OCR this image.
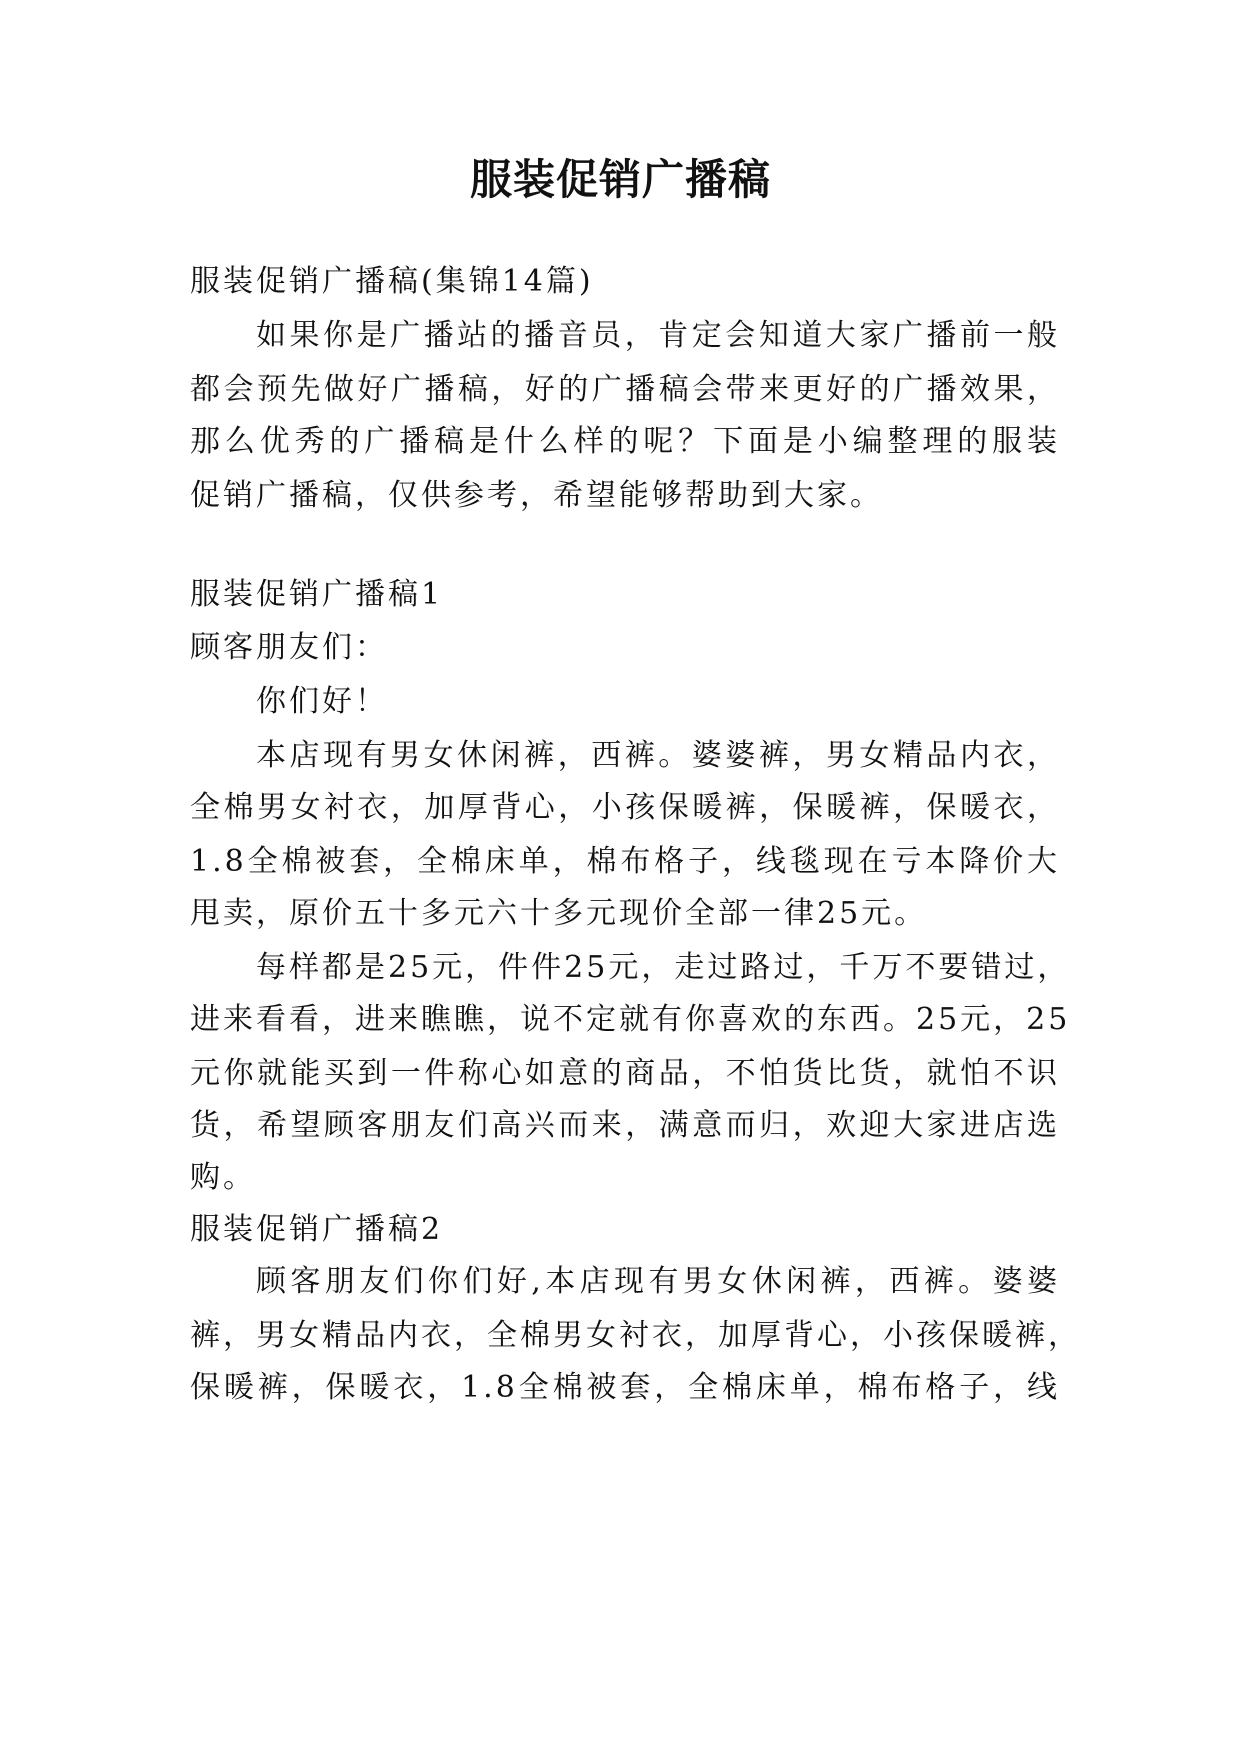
服装促销广播稿
服装促销广播稿(集锦14篇)
如果你是广播站的播音员，肯定会知道大家广播前一般
都会预先做好广播稿，好的广播稿会带来更好的广播效果，
那么优秀的广播稿是什么样的呢？下面是小编整理的服装
促销广播稿，仅供参考，希望能够帮助到大家。
服装促销广播稿1
顾客朋友们：
你们好！
本店现有男女休闲裤，西裤。婆婆裤，男女精品内衣，
全棉男女衬衣，加厚背心，小孩保暖裤，保暖裤，保暖衣，
1.8全棉被套，全棉床单，棉布格子，线毯现在亏本降价大
甩卖，原价五十多元六十多元现价全部一律25元。
每样都是25元，件件25元，走过路过，千万不要错过，
进来看看，进来瞧瞧，说不定就有你喜欢的东西。25元，25
元你就能买到一件称心如意的商品，不怕货比货，就怕不识
货，希望顾客朋友们高兴而来，满意而归，欢迎大家进店选
购。
服装促销广播稿2
顾客朋友们你们好,本店现有男女休闲裤，西裤。婆婆
裤，男女精品内衣，全棉男女衬衣，加厚背心，小孩保暖裤，
保暖裤，保暖衣，1.8全棉被套，全棉床单，棉布格子，线
